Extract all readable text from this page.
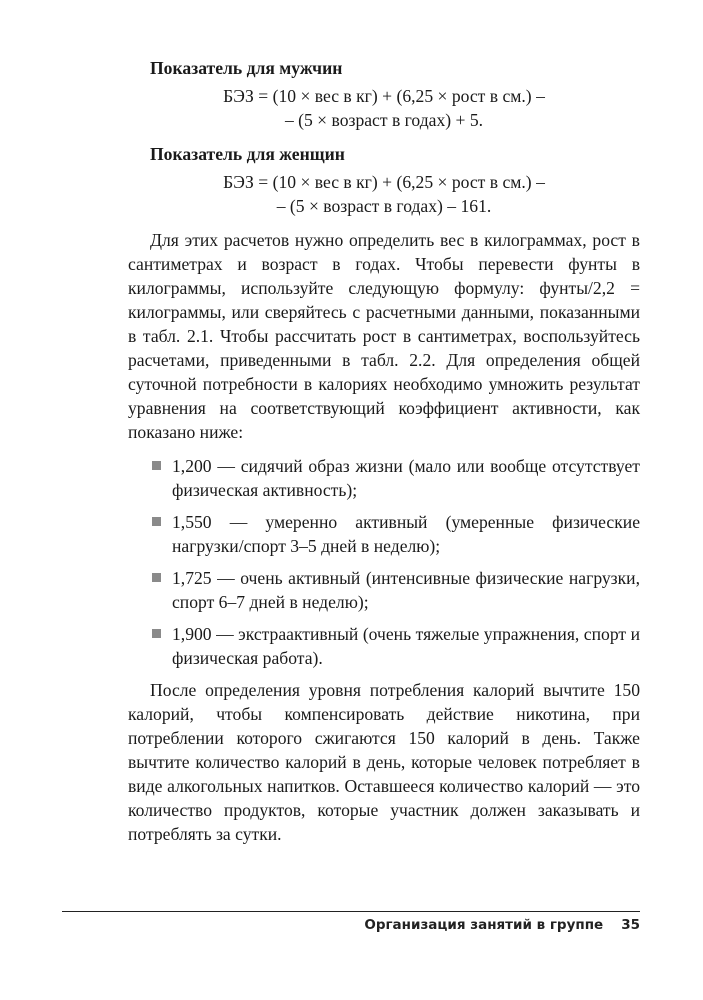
Показатель для мужчин
БЭЗ = (10 × вес в кг) + (6,25 × рост в см.) –
– (5 × возраст в годах) + 5.
Показатель для женщин
БЭЗ = (10 × вес в кг) + (6,25 × рост в см.) –
– (5 × возраст в годах) – 161.

Для этих расчетов нужно определить вес в килограммах, рост в сантиметрах и возраст в годах. Чтобы перевести фунты в килограммы, используйте следующую формулу: фунты/2,2 = килограммы, или сверяйтесь с расчетными данными, показанными в табл. 2.1. Чтобы рассчитать рост в сантиметрах, воспользуйтесь расчетами, приведенными в табл. 2.2. Для определения общей суточной потребности в калориях необходимо умножить результат уравнения на соответствующий коэффициент активности, как показано ниже:

1,200 — сидячий образ жизни (мало или вообще отсутствует физическая активность);
1,550 — умеренно активный (умеренные физические нагрузки/спорт 3–5 дней в неделю);
1,725 — очень активный (интенсивные физические нагрузки, спорт 6–7 дней в неделю);
1,900 — экстраактивный (очень тяжелые упражнения, спорт и физическая работа).

После определения уровня потребления калорий вычтите 150 калорий, чтобы компенсировать действие никотина, при потреблении которого сжигаются 150 калорий в день. Также вычтите количество калорий в день, которые человек потребляет в виде алкогольных напитков. Оставшееся количество калорий — это количество продуктов, которые участник должен заказывать и потреблять за сутки.

Организация занятий в группе 35
